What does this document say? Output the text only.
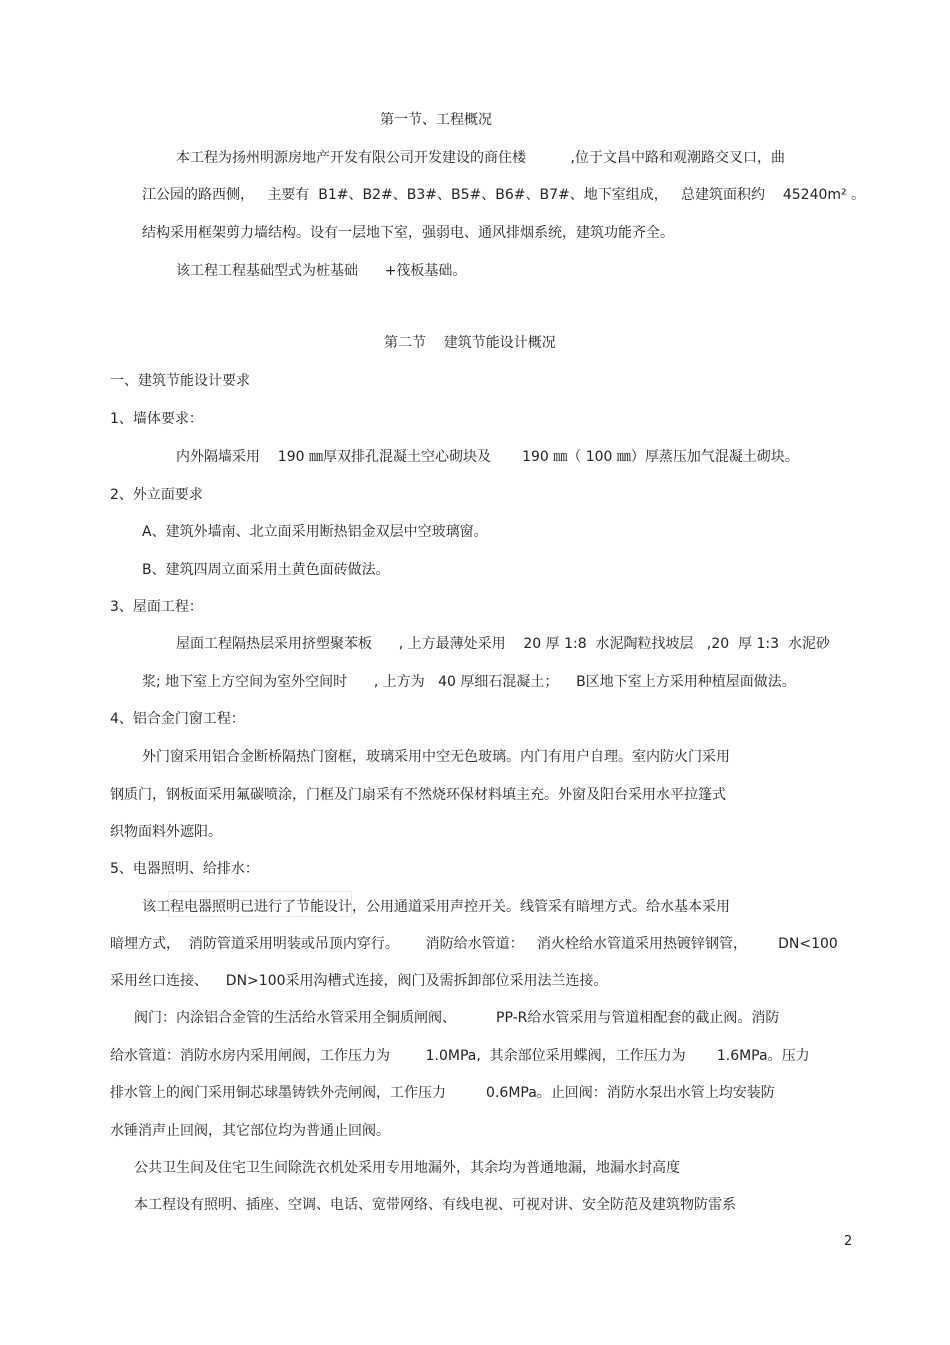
第一节、工程概况
本工程为扬州明源房地产开发有限公司开发建设的商住楼          ,位于文昌中路和观潮路交叉口，曲
江公园的路西侧，   主要有  B1#、B2#、B3#、B5#、B6#、B7#、地下室组成，   总建筑面积约    45240m² 。
结构采用框架剪力墙结构。设有一层地下室，强弱电、通风排烟系统，建筑功能齐全。
该工程工程基础型式为桩基础      +筏板基础。
第二节    建筑节能设计概况
一、建筑节能设计要求
1、墙体要求：
内外隔墙采用    190 ㎜厚双排孔混凝土空心砌块及       190 ㎜（ 100 ㎜）厚蒸压加气混凝土砌块。
2、外立面要求
A、建筑外墙南、北立面采用断热铝金双层中空玻璃窗。
B、建筑四周立面采用土黄色面砖做法。
3、屋面工程：
屋面工程隔热层采用挤塑聚苯板      , 上方最薄处采用    20 厚 1:8  水泥陶粒找坡层   ,20  厚 1:3  水泥砂
浆; 地下室上方空间为室外空间时      , 上方为   40 厚细石混凝土；    B区地下室上方采用种植屋面做法。
4、铝合金门窗工程：
外门窗采用铝合金断桥隔热门窗框，玻璃采用中空无色玻璃。内门有用户自理。室内防火门采用
钢质门，钢板面采用氟碳喷涂，门框及门扇采有不然烧环保材料填主充。外窗及阳台采用水平拉篷式
织物面料外遮阳。
5、电器照明、给排水：
该工程电器照明已进行了节能设计，公用通道采用声控开关。线管采有暗埋方式。给水基本采用
暗埋方式，  消防管道采用明装或吊顶内穿行。      消防给水管道：   消火栓给水管道采用热镀锌钢管，       DN<100
采用丝口连接、    DN>100采用沟槽式连接，阀门及需拆卸部位采用法兰连接。
阀门：内涂铝合金管的生活给水管采用全铜质闸阀、         PP-R给水管采用与管道相配套的截止阀。消防
给水管道：消防水房内采用闸阀，工作压力为        1.0MPa,  其余部位采用蝶阀，工作压力为       1.6MPa。压力
排水管上的阀门采用铜芯球墨铸铁外壳闸阀，工作压力         0.6MPa。止回阀：消防水泵出水管上均安装防
水锤消声止回阀，其它部位均为普通止回阀。
公共卫生间及住宅卫生间除洗衣机处采用专用地漏外，其余均为普通地漏，地漏水封高度
本工程设有照明、插座、空调、电话、宽带网络、有线电视、可视对讲、安全防范及建筑物防雷系
2
